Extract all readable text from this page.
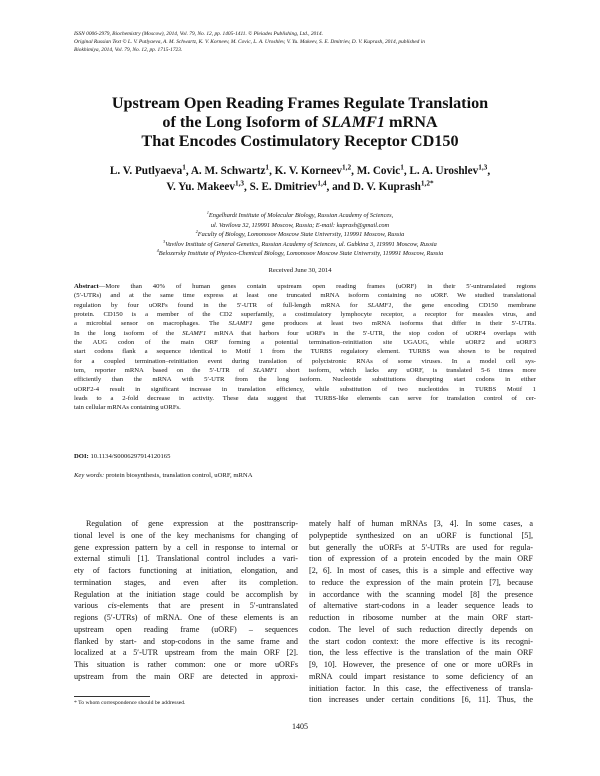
ISSN 0006-2979, Biochemistry (Moscow), 2014, Vol. 79, No. 12, pp. 1405-1411. © Pleiades Publishing, Ltd., 2014.
Original Russian Text © L. V. Putlyaeva, A. M. Schwartz, K. V. Korneev, M. Covic, L. A. Uroshlev, V. Yu. Makeev, S. E. Dmitriev, D. V. Kuprash, 2014, published in
Biokhimiya, 2014, Vol. 79, No. 12, pp. 1715-1723.
Upstream Open Reading Frames Regulate Translation
of the Long Isoform of SLAMF1 mRNA
That Encodes Costimulatory Receptor CD150
L. V. Putlyaeva$^1$, A. M. Schwartz$^1$, K. V. Korneev$^{1,2}$, M. Covic$^1$, L. A. Uroshlev$^{1,3}$,
V. Yu. Makeev$^{1,3}$, S. E. Dmitriev$^{1,4}$, and D. V. Kuprash$^{1,2*}$
$^1$Engelhardt Institute of Molecular Biology, Russian Academy of Sciences,
ul. Vavilova 32, 119991 Moscow, Russia; E-mail: kuprash@gmail.com
$^2$Faculty of Biology, Lomonosov Moscow State University, 119991 Moscow, Russia
$^3$Vavilov Institute of General Genetics, Russian Academy of Sciences, ul. Gubkina 3, 119991 Moscow, Russia
$^4$Belozersky Institute of Physico-Chemical Biology, Lomonosov Moscow State University, 119991 Moscow, Russia
Received June 30, 2014
Abstract—More than 40% of human genes contain upstream open reading frames (uORF) in their 5′-untranslated regions
(5′-UTRs) and at the same time express at least one truncated mRNA isoform containing no uORF. We studied translational
regulation by four uORFs found in the 5′-UTR of full-length mRNA for SLAMF1, the gene encoding CD150 membrane
protein. CD150 is a member of the CD2 superfamily, a costimulatory lymphocyte receptor, a receptor for measles virus, and
a microbial sensor on macrophages. The SLAMF1 gene produces at least two mRNA isoforms that differ in their 5′-UTRs.
In the long isoform of the SLAMF1 mRNA that harbors four uORFs in the 5′-UTR, the stop codon of uORF4 overlaps with
the AUG codon of the main ORF forming a potential termination–reinitiation site UGAUG, while uORF2 and uORF3
start codons flank a sequence identical to Motif 1 from the TURBS regulatory element. TURBS was shown to be required
for a coupled termination–reinitiation event during translation of polycistronic RNAs of some viruses. In a model cell sys-
tem, reporter mRNA based on the 5′-UTR of SLAMF1 short isoform, which lacks any uORF, is translated 5-6 times more
efficiently than the mRNA with 5′-UTR from the long isoform. Nucleotide substitutions disrupting start codons in either
uORF2-4 result in significant increase in translation efficiency, while substitution of two nucleotides in TURBS Motif 1
leads to a 2-fold decrease in activity. These data suggest that TURBS-like elements can serve for translation control of cer-
tain cellular mRNAs containing uORFs.
DOI: 10.1134/S0006297914120165
Key words: protein biosynthesis, translation control, uORF, mRNA
Regulation of gene expression at the posttranscrip-
tional level is one of the key mechanisms for changing of
gene expression pattern by a cell in response to internal or
external stimuli [1]. Translational control includes a vari-
ety of factors functioning at initiation, elongation, and
termination stages, and even after its completion.
Regulation at the initiation stage could be accomplish by
various cis-elements that are present in 5′-untranslated
regions (5′-UTRs) of mRNA. One of these elements is an
upstream open reading frame (uORF) – sequences
flanked by start- and stop-codons in the same frame and
localized at a 5′-UTR upstream from the main ORF [2].
This situation is rather common: one or more uORFs
upstream from the main ORF are detected in approxi-
mately half of human mRNAs [3, 4]. In some cases, a
polypeptide synthesized on an uORF is functional [5],
but generally the uORFs at 5′-UTRs are used for regula-
tion of expression of a protein encoded by the main ORF
[2, 6]. In most of cases, this is a simple and effective way
to reduce the expression of the main protein [7], because
in accordance with the scanning model [8] the presence
of alternative start-codons in a leader sequence leads to
reduction in ribosome number at the main ORF start-
codon. The level of such reduction directly depends on
the start codon context: the more effective is its recogni-
tion, the less effective is the translation of the main ORF
[9, 10]. However, the presence of one or more uORFs in
mRNA could impart resistance to some deficiency of an
initiation factor. In this case, the effectiveness of transla-
tion increases under certain conditions [6, 11]. Thus, the
* To whom correspondence should be addressed.
1405
